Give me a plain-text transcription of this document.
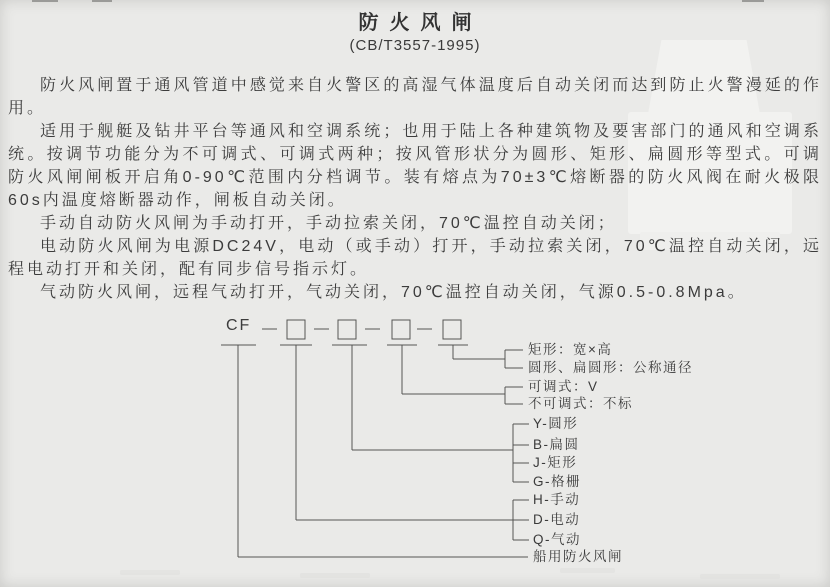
防火风闸
(CB/T3557-1995)

防火风闸置于通风管道中感觉来自火警区的高湿气体温度后自动关闭而达到防止火警漫延的作用。

适用于舰艇及钻井平台等通风和空调系统；也用于陆上各种建筑物及要害部门的通风和空调系统。按调节功能分为不可调式、可调式两种；按风管形状分为圆形、矩形、扁圆形等型式。可调防火风闸闸板开启角0-90℃范围内分档调节。装有熔点为70±3℃熔断器的防火风阀在耐火极限60s内温度熔断器动作，闸板自动关闭。

手动自动防火风闸为手动打开，手动拉索关闭，70℃温控自动关闭；

电动防火风闸为电源DC24V，电动（或手动）打开，手动拉索关闭，70℃温控自动关闭，远程电动打开和关闭，配有同步信号指示灯。

气动防火风闸，远程气动打开，气动关闭，70℃温控自动关闭，气源0.5-0.8Mpa。

CF
矩形：宽×高
圆形、扁圆形：公称通径
可调式：V
不可调式：不标
Y-圆形
B-扁圆
J-矩形
G-格栅
H-手动
D-电动
Q-气动
船用防火风闸
